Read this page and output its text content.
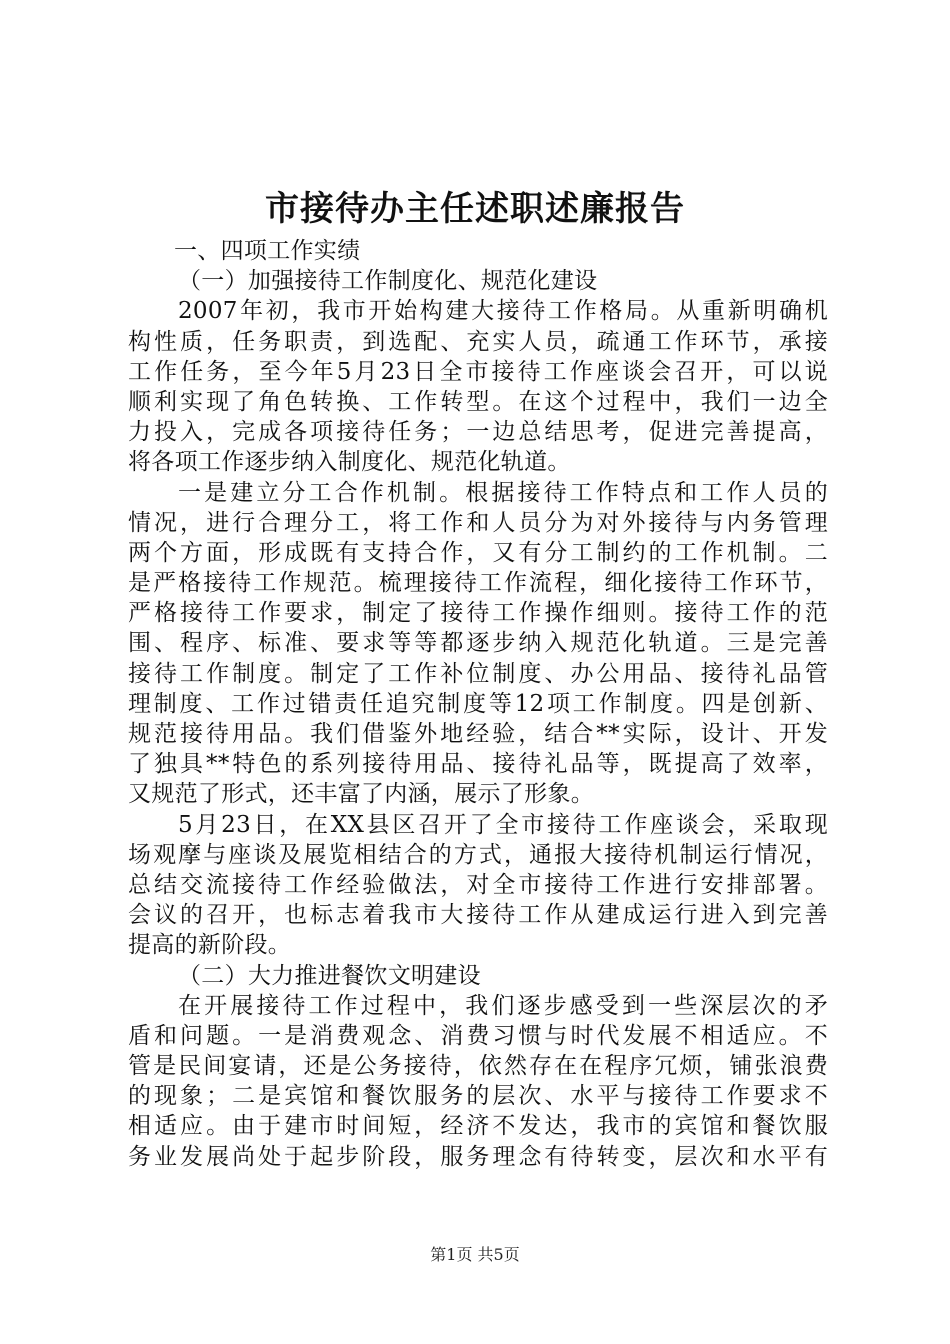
市接待办主任述职述廉报告
一、四项工作实绩
（一）加强接待工作制度化、规范化建设
2007年初，我市开始构建大接待工作格局。从重新明确机
构性质，任务职责，到选配、充实人员，疏通工作环节，承接
工作任务，至今年5月23日全市接待工作座谈会召开，可以说
顺利实现了角色转换、工作转型。在这个过程中，我们一边全
力投入，完成各项接待任务；一边总结思考，促进完善提高，
将各项工作逐步纳入制度化、规范化轨道。
一是建立分工合作机制。根据接待工作特点和工作人员的
情况，进行合理分工，将工作和人员分为对外接待与内务管理
两个方面，形成既有支持合作，又有分工制约的工作机制。二
是严格接待工作规范。梳理接待工作流程，细化接待工作环节，
严格接待工作要求，制定了接待工作操作细则。接待工作的范
围、程序、标准、要求等等都逐步纳入规范化轨道。三是完善
接待工作制度。制定了工作补位制度、办公用品、接待礼品管
理制度、工作过错责任追究制度等12项工作制度。四是创新、
规范接待用品。我们借鉴外地经验，结合**实际，设计、开发
了独具**特色的系列接待用品、接待礼品等，既提高了效率，
又规范了形式，还丰富了内涵，展示了形象。
5月23日，在XX县区召开了全市接待工作座谈会，采取现
场观摩与座谈及展览相结合的方式，通报大接待机制运行情况，
总结交流接待工作经验做法，对全市接待工作进行安排部署。
会议的召开，也标志着我市大接待工作从建成运行进入到完善
提高的新阶段。
（二）大力推进餐饮文明建设
在开展接待工作过程中，我们逐步感受到一些深层次的矛
盾和问题。一是消费观念、消费习惯与时代发展不相适应。不
管是民间宴请，还是公务接待，依然存在在程序冗烦，铺张浪费
的现象；二是宾馆和餐饮服务的层次、水平与接待工作要求不
相适应。由于建市时间短，经济不发达，我市的宾馆和餐饮服
务业发展尚处于起步阶段，服务理念有待转变，层次和水平有
第1页 共5页
